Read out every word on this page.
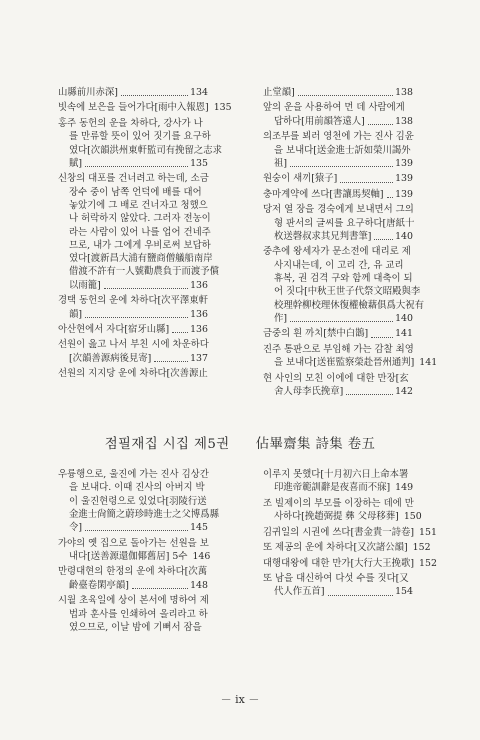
山縣前川赤深]	134
빗속에 보은을 들어가다[雨中入報恩] 135
홍주 동헌의 운을 차하다, 강사가 나
를 만류할 뜻이 있어 짓기를 요구하
였다[次韻洪州東軒監司有挽留之志求
賦]	135
신창의 대포를 건너려고 하는데, 소금
장수 중이 남쪽 언덕에 배를 대어
놓았기에 그 배로 건너자고 청했으
나 허락하지 않았다. 그러자 전농이
라는 사람이 있어 나를 업어 건네주
므로, 내가 그에게 우비로써 보답하
였다[渡新昌大浦有鹽商僧艤船南岸
借渡不許有一人號勸農負于而渡予償
以雨籠]	136
경택 동헌의 운에 차하다[次平澤東軒
韻]	136
아산현에서 자다[宿牙山縣] 136
선원이 읊고 나서 부친 시에 차운하다
[次韻善源病後見寄]	137
선원의 지지당 운에 차하다[次善源止
止堂韻]	138
앞의 운을 사용하여 먼 데 사람에게
답하다[用前韻答遠人]	138
의조부를 뵈러 영천에 가는 진사 김윤
을 보내다[送金進士訢如榮川謁外
祖]	139
원숭이 새끼[猿子]	139
충마계약에 쓰다[書讓馬契軸] 139
당저 열 장을 경숙에게 보내면서 그의
형 판서의 글씨를 요구하다[唐紙十
枚送磬叔求其兄判書筆]	140
중추에 왕세자가 문소전에 대리로 제
사지내는데, 이 고리 간, 유 교리
휴복, 권 검격 구와 함께 대축이 되
어 짓다[中秋王世子代祭文昭殿與李
校理幹柳校理休復權檢藉俱爲大祝有
作]	140
금중의 흰 까치[禁中白鵲]	141
진주 통판으로 부임해 가는 감찰 최영
을 보내다[送崔監察榮赴晉州通判] 141
현 사인의 모친 이에에 대한 만장[玄
舍人母李氏挽章]	142
점필재집 시집 제5권 佔畢齋集 詩集 卷五
우륭행으로, 울진에 가는 진사 김상간
을 보내다. 이때 진사의 아버지 박
이 울진현령으로 있었다[羽陵行送
金進士尙簡之蔚珍時進士之父博爲縣
令]	145
가야의 옛 집으로 돌아가는 선원을 보
내다[送善源還伽倻舊居] 5수 146
만령대현의 한정의 운에 차하다[次萬
齡臺卷閑亭韻]	148
시월 초육일에 상이 본서에 명하여 제
법과 훈사를 인쇄하여 올리라고 하
였으므로, 이날 밤에 기뻐서 잠을
이루지 못했다[十月初六日上命本署
印進帝範訓辭是夜喜而不寐] 149
조 빌제이의 부모를 이장하는 데에 만
사하다[挽趙弼提 彝 父母移葬] 150
김귀일의 시권에 쓰다[書金貴一詩卷] 151
또 제공의 운에 차하다[又次諸公韻] 152
대행대왕에 대한 만가[大行大王挽歌] 152
또 남을 대신하여 다섯 수를 짓다[又
代人作五首]	154
－ ix －
